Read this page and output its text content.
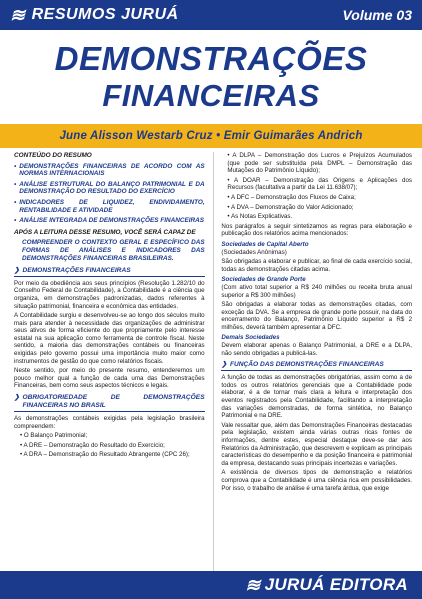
≋ RESUMOS JURUÁ	Volume 03
DEMONSTRAÇÕES
FINANCEIRAS
June Alisson Westarb Cruz • Emir Guimarães Andrich
CONTEÚDO DO RESUMO
• DEMONSTRAÇÕES FINANCEIRAS DE ACORDO COM AS NORMAS INTERNACIONAIS
• ANÁLISE ESTRUTURAL DO BALANÇO PATRIMONIAL E DA DEMONSTRAÇÃO DO RESULTADO DO EXERCÍCIO
• INDICADORES DE LIQUIDEZ, ENDIVIDAMENTO, RENTABILIDADE E ATIVIDADE
• ANÁLISE INTEGRADA DE DEMONSTRAÇÕES FINANCEIRAS
APÓS A LEITURA DESSE RESUMO, VOCÊ SERÁ CAPAZ DE
COMPREENDER O CONTEXTO GERAL E ESPECÍFICO DAS FORMAS DE ANÁLISES E INDICADORES DAS DEMONSTRAÇÕES FINANCEIRAS BRASILEIRAS.
❯ DEMONSTRAÇÕES FINANCEIRAS

Por meio da obediência aos seus princípios (Resolução 1.282/10 do Conselho Federal de Contabilidade), a Contabilidade é a ciência que organiza, em demonstrações padronizadas, dados referentes à situação patrimonial, financeira e econômica das entidades.

A Contabilidade surgiu e desenvolveu-se ao longo dos séculos muito mais para atender à necessidade das organizações de administrar seus ativos de forma eficiente do que propriamente pelo interesse estatal na sua aplicação como ferramenta de controle fiscal. Neste sentido, a maioria das demonstrações contábeis ou financeiras exigidas pelo governo possui uma importância muito maior como instrumentos de gestão do que como relatórios fiscais.

Neste sentido, por meio do presente resumo, entenderemos um pouco melhor qual a função de cada uma das Demonstrações Financeiras, bem como seus aspectos técnicos e legais.

❯ OBRIGATORIEDADE DE DEMONSTRAÇÕES FINANCEIRAS NO BRASIL

As demonstrações contábeis exigidas pela legislação brasileira compreendem:

• O Balanço Patrimonial;

• A DRE – Demonstração do Resultado do Exercício;

• A DRA – Demonstração do Resultado Abrangente (CPC 26);

• A DLPA – Demonstração dos Lucros e Prejuízos Acumulados (que pode ser substituída pela DMPL – Demonstração das Mutações do Patrimônio Líquido);

• A DOAR – Demonstração das Origens e Aplicações dos Recursos (facultativa a partir da Lei 11.638/07);

• A DFC – Demonstração dos Fluxos de Caixa;

• A DVA – Demonstração do Valor Adicionado;

• As Notas Explicativas.

Nos parágrafos a seguir sintetizamos as regras para elaboração e publicação dos relatórios acima mencionados:

Sociedades de Capital Aberto

(Sociedades Anônimas)

São obrigadas a elaborar e publicar, ao final de cada exercício social, todas as demonstrações citadas acima.

Sociedades de Grande Porte

(Com ativo total superior a R$ 240 milhões ou receita bruta anual superior a R$ 300 milhões)

São obrigadas a elaborar todas as demonstrações citadas, com exceção da DVA. Se a empresa de grande porte possuir, na data do encerramento do Balanço, Patrimônio Líquido superior a R$ 2 milhões, deverá também apresentar a DFC.

Demais Sociedades

Devem elaborar apenas o Balanço Patrimonial, a DRE e a DLPA, não sendo obrigadas a publicá-las.

❯ FUNÇÃO DAS DEMONSTRAÇÕES FINANCEIRAS

A função de todas as demonstrações obrigatórias, assim como a de todos os outros relatórios gerenciais que a Contabilidade pode elaborar, é a de tornar mais clara a leitura e interpretação dos eventos registrados pela Contabilidade, facilitando a interpretação das variações demonstradas, de forma sintética, no Balanço Patrimonial e na DRE.

Vale ressaltar que, além das Demonstrações Financeiras destacadas pela legislação, existem ainda várias outras ricas fontes de informações, dentre estes, especial destaque deve-se dar aos Relatórios da Administração, que descrevem e explicam as principais características do desempenho e da posição financeira e patrimonial da empresa, destacando suas principais incertezas e variações.

A existência de diversos tipos de demonstração e relatórios comprova que a Contabilidade é uma ciência rica em possibilidades. Por isso, o trabalho de análise é uma tarefa árdua, que exige

≋ JURUÁ EDITORA
